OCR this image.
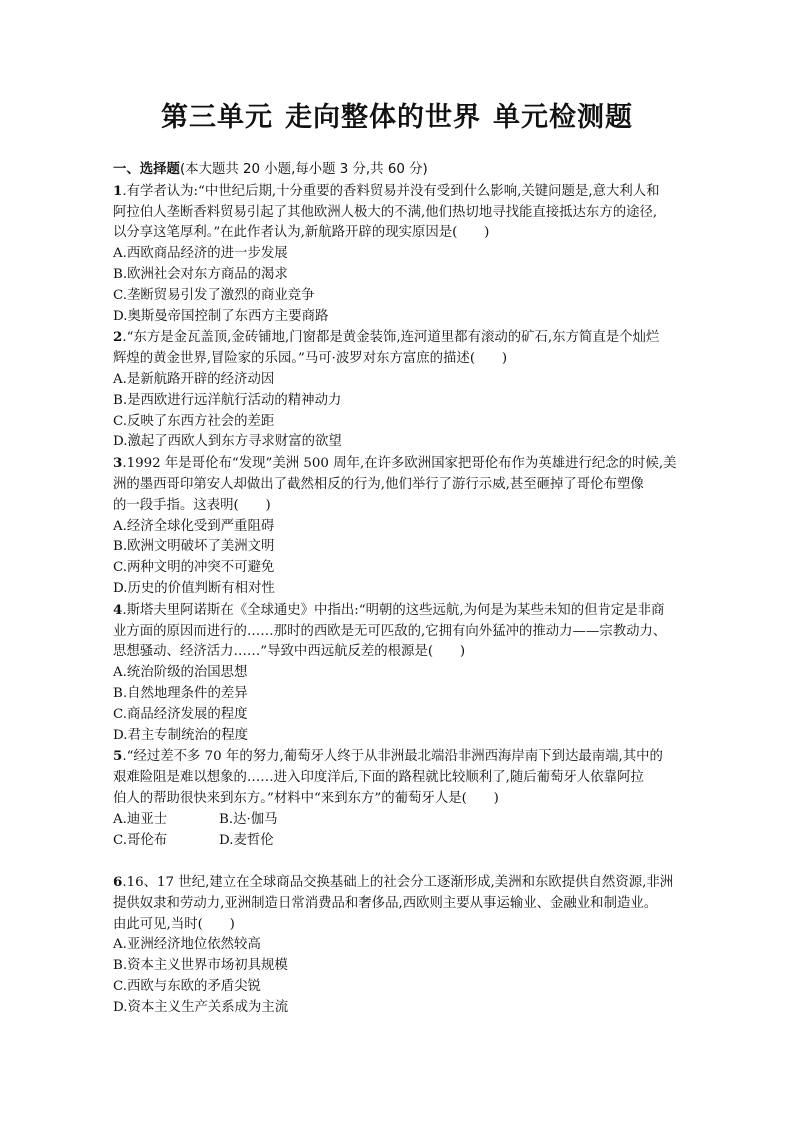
第三单元 走向整体的世界 单元检测题
一、选择题(本大题共 20 小题,每小题 3 分,共 60 分)
1.有学者认为:“中世纪后期,十分重要的香料贸易并没有受到什么影响,关键问题是,意大利人和
阿拉伯人垄断香料贸易引起了其他欧洲人极大的不满,他们热切地寻找能直接抵达东方的途径,
以分享这笔厚利。”在此作者认为,新航路开辟的现实原因是(　　)
A.西欧商品经济的进一步发展
B.欧洲社会对东方商品的渴求
C.垄断贸易引发了激烈的商业竞争
D.奥斯曼帝国控制了东西方主要商路
2.“东方是金瓦盖顶,金砖铺地,门窗都是黄金装饰,连河道里都有滚动的矿石,东方简直是个灿烂
辉煌的黄金世界,冒险家的乐园。”马可·波罗对东方富庶的描述(　　)
A.是新航路开辟的经济动因
B.是西欧进行远洋航行活动的精神动力
C.反映了东西方社会的差距
D.激起了西欧人到东方寻求财富的欲望
3.1992 年是哥伦布“发现”美洲 500 周年,在许多欧洲国家把哥伦布作为英雄进行纪念的时候,美
洲的墨西哥印第安人却做出了截然相反的行为,他们举行了游行示威,甚至砸掉了哥伦布塑像
的一段手指。这表明(　　)
A.经济全球化受到严重阻碍
B.欧洲文明破坏了美洲文明
C.两种文明的冲突不可避免
D.历史的价值判断有相对性
4.斯塔夫里阿诺斯在《全球通史》中指出:“明朝的这些远航,为何是为某些未知的但肯定是非商
业方面的原因而进行的……那时的西欧是无可匹敌的,它拥有向外猛冲的推动力——宗教动力、
思想骚动、经济活力……”导致中西远航反差的根源是(　　)
A.统治阶级的治国思想
B.自然地理条件的差异
C.商品经济发展的程度
D.君主专制统治的程度
5.“经过差不多 70 年的努力,葡萄牙人终于从非洲最北端沿非洲西海岸南下到达最南端,其中的
艰难险阻是难以想象的……进入印度洋后,下面的路程就比较顺利了,随后葡萄牙人依靠阿拉
伯人的帮助很快来到东方。”材料中“来到东方”的葡萄牙人是(　　)
A.迪亚士	B.达·伽马
C.哥伦布	D.麦哲伦
6.16、17 世纪,建立在全球商品交换基础上的社会分工逐渐形成,美洲和东欧提供自然资源,非洲
提供奴隶和劳动力,亚洲制造日常消费品和奢侈品,西欧则主要从事运输业、金融业和制造业。
由此可见,当时(　　)
A.亚洲经济地位依然较高
B.资本主义世界市场初具规模
C.西欧与东欧的矛盾尖锐
D.资本主义生产关系成为主流
